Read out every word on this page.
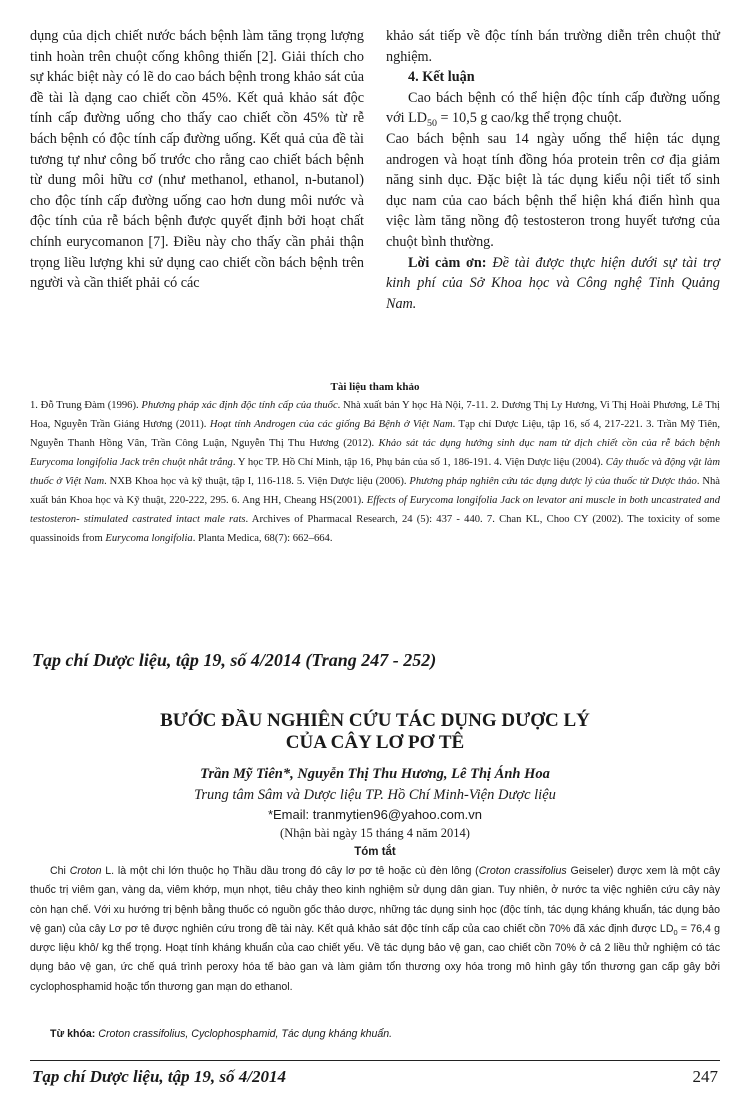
dụng của dịch chiết nước bách bệnh làm tăng trọng lượng tinh hoàn trên chuột cống không thiến [2]. Giải thích cho sự khác biệt này có lẽ do cao bách bệnh trong khảo sát của đề tài là dạng cao chiết cồn 45%. Kết quả khảo sát độc tính cấp đường uống cho thấy cao chiết cồn 45% từ rễ bách bệnh có độc tính cấp đường uống. Kết quả của đề tài tương tự như công bố trước cho rằng cao chiết bách bệnh từ dung môi hữu cơ (như methanol, ethanol, n-butanol) cho độc tính cấp đường uống cao hơn dung môi nước và độc tính của rễ bách bệnh được quyết định bởi hoạt chất chính eurycomanon [7]. Điều này cho thấy cần phải thận trọng liều lượng khi sử dụng cao chiết cồn bách bệnh trên người và cần thiết phải có các

khảo sát tiếp về độc tính bán trường diễn trên chuột thử nghiệm.

4. Kết luận

Cao bách bệnh có thể hiện độc tính cấp đường uống với $LD_{50} = 10,5$ g cao/kg thể trọng chuột.

Cao bách bệnh sau 14 ngày uống thể hiện tác dụng androgen và hoạt tính đồng hóa protein trên cơ địa giảm năng sinh dục. Đặc biệt là tác dụng kiểu nội tiết tố sinh dục nam của cao bách bệnh thể hiện khá điển hình qua việc làm tăng nồng độ testosteron trong huyết tương của chuột bình thường.

Lời cảm ơn: Đề tài được thực hiện dưới sự tài trợ kinh phí của Sở Khoa học và Công nghệ Tỉnh Quảng Nam.

Tài liệu tham khảo

1. Đỗ Trung Đàm (1996). Phương pháp xác định độc tính cấp của thuốc. Nhà xuất bản Y học Hà Nội, 7-11. 2. Dương Thị Ly Hương, Vi Thị Hoài Phương, Lê Thị Hoa, Nguyễn Trần Giáng Hương (2011). Hoạt tính Androgen của các giống Bá Bệnh ở Việt Nam. Tạp chí Dược Liệu, tập 16, số 4, 217-221. 3. Trần Mỹ Tiên, Nguyễn Thanh Hồng Vân, Trần Công Luận, Nguyễn Thị Thu Hương (2012). Khảo sát tác dụng hướng sinh dục nam từ dịch chiết cồn của rễ bách bệnh Eurycoma longifolia Jack trên chuột nhắt trắng. Y học TP. Hồ Chí Minh, tập 16, Phụ bản của số 1, 186-191. 4. Viện Dược liệu (2004). Cây thuốc và động vật làm thuốc ở Việt Nam. NXB Khoa học và kỹ thuật, tập I, 116-118. 5. Viện Dược liệu (2006). Phương pháp nghiên cứu tác dụng dược lý của thuốc từ Dược thảo. Nhà xuất bản Khoa học và Kỹ thuật, 220-222, 295. 6. Ang HH, Cheang HS(2001). Effects of Eurycoma longifolia Jack on levator ani muscle in both uncastrated and testosteron- stimulated castrated intact male rats. Archives of Pharmacal Research, 24 (5): 437 - 440. 7. Chan KL, Choo CY (2002). The toxicity of some quassinoids from Eurycoma longifolia. Planta Medica, 68(7): 662–664.

Tạp chí Dược liệu, tập 19, số 4/2014 (Trang 247 - 252)
BƯỚC ĐẦU NGHIÊN CỨU TÁC DỤNG DƯỢC LÝ
CỦA CÂY LƠ PƠ TÊ
Trần Mỹ Tiên*, Nguyễn Thị Thu Hương, Lê Thị Ánh Hoa
Trung tâm Sâm và Dược liệu TP. Hồ Chí Minh-Viện Dược liệu
*Email: tranmytien96@yahoo.com.vn
(Nhận bài ngày 15 tháng 4 năm 2014)
Tóm tắt

Chi Croton L. là một chi lớn thuộc họ Thầu dầu trong đó cây lơ pơ tê hoặc cù đèn lông (Croton crassifolius Geiseler) được xem là một cây thuốc trị viêm gan, vàng da, viêm khớp, mụn nhọt, tiêu chảy theo kinh nghiệm sử dụng dân gian. Tuy nhiên, ở nước ta việc nghiên cứu cây này còn hạn chế. Với xu hướng trị bệnh bằng thuốc có nguồn gốc thảo dược, những tác dụng sinh học (độc tính, tác dụng kháng khuẩn, tác dụng bảo vệ gan) của cây Lơ pơ tê được nghiên cứu trong đề tài này. Kết quả khảo sát độc tính cấp của cao chiết cồn 70% đã xác định được $LD_0 = 76,4$ g dược liệu khô/ kg thể trọng. Hoạt tính kháng khuẩn của cao chiết yếu. Về tác dụng bảo vệ gan, cao chiết cồn 70% ở cả 2 liều thử nghiệm có tác dụng bảo vệ gan, ức chế quá trình peroxy hóa tế bào gan và làm giảm tổn thương oxy hóa trong mô hình gây tổn thương gan cấp gây bởi cyclophosphamid hoặc tổn thương gan mạn do ethanol.

Từ khóa: Croton crassifolius, Cyclophosphamid, Tác dụng kháng khuẩn.
Tạp chí Dược liệu, tập 19, số 4/2014	247
